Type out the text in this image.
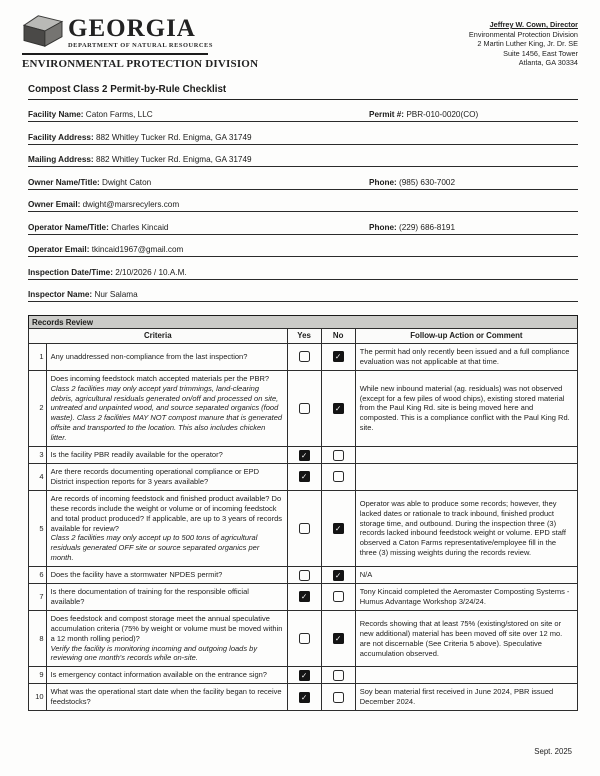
GEORGIA
DEPARTMENT OF NATURAL RESOURCES
ENVIRONMENTAL PROTECTION DIVISION
Jeffrey W. Cown, Director
Environmental Protection Division
2 Martin Luther King, Jr. Dr. SE
Suite 1456, East Tower
Atlanta, GA 30334
Compost Class 2 Permit-by-Rule Checklist
Facility Name: Caton Farms, LLC	Permit #: PBR-010-0020(CO)
Facility Address: 882 Whitley Tucker Rd. Enigma, GA 31749
Mailing Address: 882 Whitley Tucker Rd. Enigma, GA 31749
Owner Name/Title: Dwight Caton	Phone: (985) 630-7002
Owner Email: dwight@marsrecylers.com
Operator Name/Title: Charles Kincaid	Phone: (229) 686-8191
Operator Email: tkincaid1967@gmail.com
Inspection Date/Time: 2/10/2026 / 10.A.M.
Inspector Name: Nur Salama
Records Review
Criteria		Yes	No	Follow-up Action or Comment
1	Any unaddressed non-compliance from the last inspection?		✓	The permit had only recently been issued and a full compliance evaluation was not applicable at that time.
2	Does incoming feedstock match accepted materials per the PBR?
Class 2 facilities may only accept yard trimmings, land-clearing debris, agricultural residuals generated on/off and processed on site, untreated and unpainted wood, and source separated organics (food waste). Class 2 facilities MAY NOT compost manure that is generated offsite and transported to the location. This also includes chicken litter.
		✓	While new inbound material (ag. residuals) was not observed (except for a few piles of wood chips), existing stored material from the Paul King Rd. site is being moved here and composted. This is a compliance conflict with the Paul King Rd. site.
3	Is the facility PBR readily available for the operator?	✓		
4	Are there records documenting operational compliance or EPD District inspection reports for 3 years available?	✓		
5	Are records of incoming feedstock and finished product available? Do these records include the weight or volume or of incoming feedstock and total product produced? If applicable, are up to 3 years of records available for review?
Class 2 facilities may only accept up to 500 tons of agricultural residuals generated OFF site or source separated organics per month.
		✓	Operator was able to produce some records; however, they lacked dates or rationale to track inbound, finished product storage time, and outbound. During the inspection three (3) records lacked inbound feedstock weight or volume. EPD staff observed a Caton Farms representative/employee fill in the three (3) missing weights during the records review.
6	Does the facility have a stormwater NPDES permit?		✓	N/A
7	Is there documentation of training for the responsible official available?	✓		Tony Kincaid completed the Aeromaster Composting Systems - Humus Advantage Workshop 3/24/24.
8	Does feedstock and compost storage meet the annual speculative accumulation criteria (75% by weight or volume must be moved within a 12 month rolling period)?
Verify the facility is monitoring incoming and outgoing loads by reviewing one month's records while on-site.
		✓	Records showing that at least 75% (existing/stored on site or new additional) material has been moved off site over 12 mo. are not discernable (See Criteria 5 above). Speculative accumulation observed.
9	Is emergency contact information available on the entrance sign?	✓		
10	What was the operational start date when the facility began to receive feedstocks?	✓		Soy bean material first received in June 2024, PBR issued December 2024.
Sept. 2025
